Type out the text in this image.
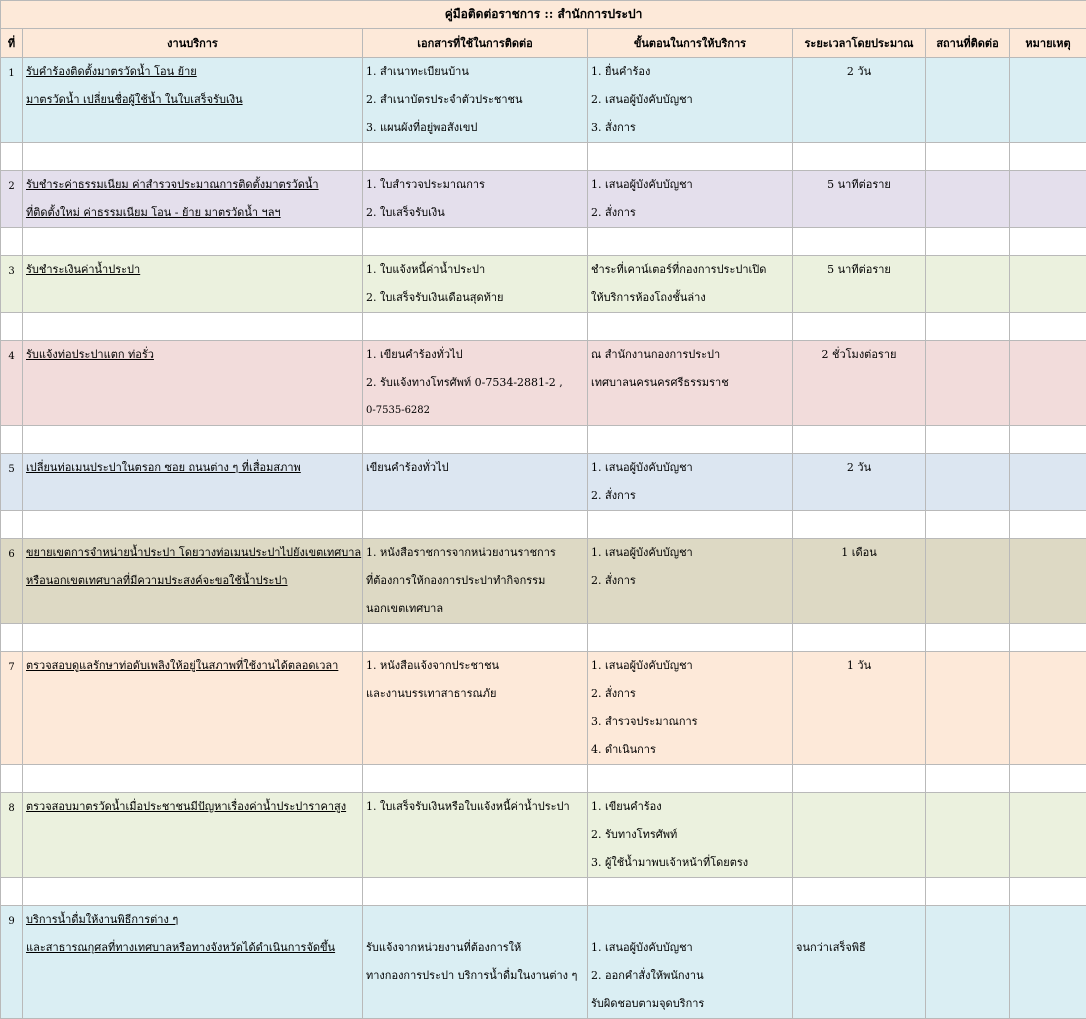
คู่มือติดต่อราชการ :: สำนักการประปา						
ที่	งานบริการ	เอกสารที่ใช้ในการติดต่อ	ขั้นตอนในการให้บริการ	ระยะเวลาโดยประมาณ	สถานที่ติดต่อ	หมายเหตุ
1	รับคำร้องติดตั้งมาตรวัดน้ำ โอน ย้าย
มาตรวัดน้ำ เปลี่ยนชื่อผู้ใช้น้ำ ในใบเสร็จรับเงิน	1. สำเนาทะเบียนบ้าน
2. สำเนาบัตรประจำตัวประชาชน
3. แผนผังที่อยู่พอสังเขป	1. ยื่นคำร้อง
2. เสนอผู้บังคับบัญชา
3. สั่งการ	2 วัน		

2	รับชำระค่าธรรมเนียม ค่าสำรวจประมาณการติดตั้งมาตรวัดน้ำ
ที่ติดตั้งใหม่ ค่าธรรมเนียม โอน - ย้าย มาตรวัดน้ำ ฯลฯ	1. ใบสำรวจประมาณการ
2. ใบเสร็จรับเงิน	1. เสนอผู้บังคับบัญชา
2. สั่งการ	5 นาทีต่อราย		

3	รับชำระเงินค่าน้ำประปา	1. ใบแจ้งหนี้ค่าน้ำประปา
2. ใบเสร็จรับเงินเดือนสุดท้าย	ชำระที่เคาน์เตอร์ที่กองการประปาเปิด
ให้บริการห้องโถงชั้นล่าง	5 นาทีต่อราย		

4	รับแจ้งท่อประปาแตก ท่อรั่ว	1. เขียนคำร้องทั่วไป
2. รับแจ้งทางโทรศัพท์ 0-7534-2881-2 ,
0-7535-6282	ณ สำนักงานกองการประปา
เทศบาลนครนครศรีธรรมราช	2 ชั่วโมงต่อราย		

5	เปลี่ยนท่อเมนประปาในตรอก ซอย ถนนต่าง ๆ ที่เสื่อมสภาพ	เขียนคำร้องทั่วไป	1. เสนอผู้บังคับบัญชา
2. สั่งการ	2 วัน		

6	ขยายเขตการจำหน่ายน้ำประปา โดยวางท่อเมนประปาไปยังเขตเทศบาล
หรือนอกเขตเทศบาลที่มีความประสงค์จะขอใช้น้ำประปา	1. หนังสือราชการจากหน่วยงานราชการ
ที่ต้องการให้กองการประปาทำกิจกรรม
นอกเขตเทศบาล	1. เสนอผู้บังคับบัญชา
2. สั่งการ	1 เดือน		

7	ตรวจสอบดูแลรักษาท่อดับเพลิงให้อยู่ในสภาพที่ใช้งานได้ตลอดเวลา	1. หนังสือแจ้งจากประชาชน
และงานบรรเทาสาธารณภัย	1. เสนอผู้บังคับบัญชา
2. สั่งการ
3. สำรวจประมาณการ
4. ดำเนินการ	1 วัน		

8	ตรวจสอบมาตรวัดน้ำเมื่อประชาชนมีปัญหาเรื่องค่าน้ำประปาราคาสูง	1. ใบเสร็จรับเงินหรือใบแจ้งหนี้ค่าน้ำประปา	1. เขียนคำร้อง
2. รับทางโทรศัพท์
3. ผู้ใช้น้ำมาพบเจ้าหน้าที่โดยตรง			

9	บริการน้ำดื่มให้งานพิธีการต่าง ๆ
และสาธารณกุศลที่ทางเทศบาลหรือทางจังหวัดได้ดำเนินการจัดขึ้น	รับแจ้งจากหน่วยงานที่ต้องการให้
ทางกองการประปา บริการน้ำดื่มในงานต่าง ๆ	1. เสนอผู้บังคับบัญชา
2. ออกคำสั่งให้พนักงาน
รับผิดชอบตามจุดบริการ	จนกว่าเสร็จพิธี		
